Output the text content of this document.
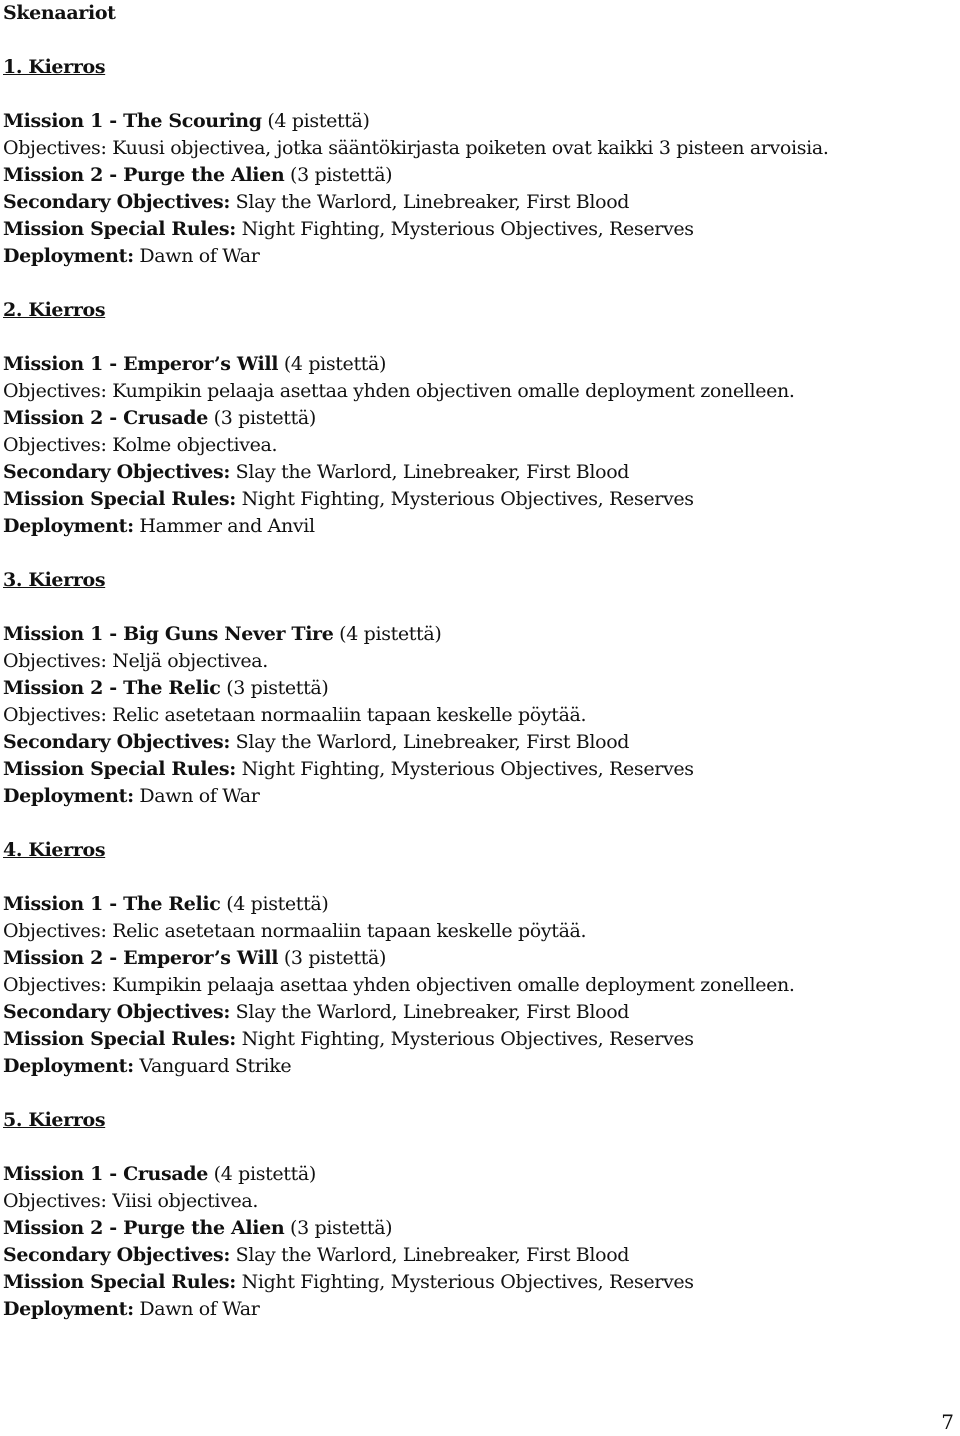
Skenaariot
1. Kierros
Mission 1 - The Scouring (4 pistettä)
Objectives: Kuusi objectivea, jotka sääntökirjasta poiketen ovat kaikki 3 pisteen arvoisia.
Mission 2 - Purge the Alien (3 pistettä)
Secondary Objectives: Slay the Warlord, Linebreaker, First Blood
Mission Special Rules: Night Fighting, Mysterious Objectives, Reserves
Deployment: Dawn of War
2. Kierros
Mission 1 - Emperor’s Will (4 pistettä)
Objectives: Kumpikin pelaaja asettaa yhden objectiven omalle deployment zonelleen.
Mission 2 - Crusade (3 pistettä)
Objectives: Kolme objectivea.
Secondary Objectives: Slay the Warlord, Linebreaker, First Blood
Mission Special Rules: Night Fighting, Mysterious Objectives, Reserves
Deployment: Hammer and Anvil
3. Kierros
Mission 1 - Big Guns Never Tire (4 pistettä)
Objectives: Neljä objectivea.
Mission 2 - The Relic (3 pistettä)
Objectives: Relic asetetaan normaaliin tapaan keskelle pöytää.
Secondary Objectives: Slay the Warlord, Linebreaker, First Blood
Mission Special Rules: Night Fighting, Mysterious Objectives, Reserves
Deployment: Dawn of War
4. Kierros
Mission 1 - The Relic (4 pistettä)
Objectives: Relic asetetaan normaaliin tapaan keskelle pöytää.
Mission 2 - Emperor’s Will (3 pistettä)
Objectives: Kumpikin pelaaja asettaa yhden objectiven omalle deployment zonelleen.
Secondary Objectives: Slay the Warlord, Linebreaker, First Blood
Mission Special Rules: Night Fighting, Mysterious Objectives, Reserves
Deployment: Vanguard Strike
5. Kierros
Mission 1 - Crusade (4 pistettä)
Objectives: Viisi objectivea.
Mission 2 - Purge the Alien (3 pistettä)
Secondary Objectives: Slay the Warlord, Linebreaker, First Blood
Mission Special Rules: Night Fighting, Mysterious Objectives, Reserves
Deployment: Dawn of War
7
